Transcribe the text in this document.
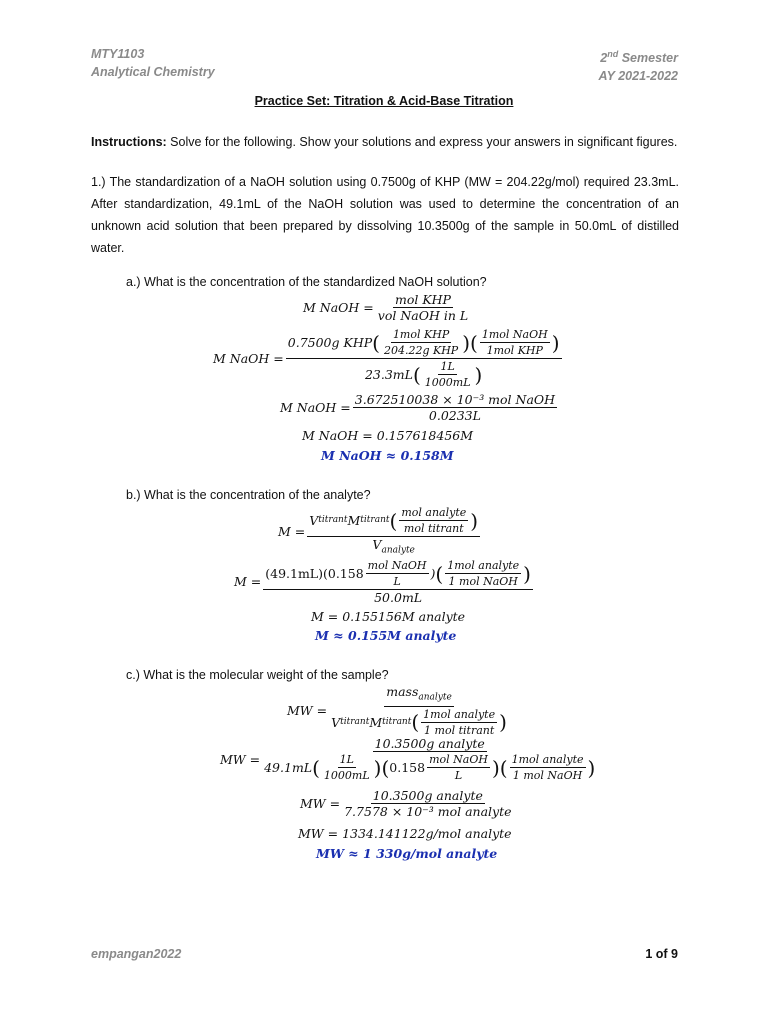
MTY1103
Analytical Chemistry
2nd Semester
AY 2021-2022
Practice Set: Titration & Acid-Base Titration
Instructions: Solve for the following. Show your solutions and express your answers in significant figures.
1.) The standardization of a NaOH solution using 0.7500g of KHP (MW = 204.22g/mol) required 23.3mL. After standardization, 49.1mL of the NaOH solution was used to determine the concentration of an unknown acid solution that been prepared by dissolving 10.3500g of the sample in 50.0mL of distilled water.
a.) What is the concentration of the standardized NaOH solution?
M NaOH = $\frac{\text{mol KHP}}{\text{vol NaOH in L}}$
M NaOH =
0.7500g KHP ( $\frac{\text{1mol KHP}}{\text{204.22g KHP}}$ ) ( $\frac{\text{1mol NaOH}}{\text{1mol KHP}}$ )
23.3mL ( $\frac{1L}{1000mL}$ )
M NaOH = $\frac{\text{3.672510038 × 10⁻³ mol NaOH}}{0.0233L}$
M NaOH = 0.157618456M
M NaOH ≈ 0.158M
b.) What is the concentration of the analyte?
$M = \frac{V titrant M titrant ( \frac{\text{mol analyte}}{\text{mol titrant}} )}{V_{analyte}}$
M =
$(49.1mL)(0.158 \frac{\text{mol NaOH}}{L}$ ) ( $\frac{\text{1mol analyte}}{\text{1 mol NaOH}}$ )
50.0mL
M = 0.155156M analyte
M ≈ 0.155M analyte
c.) What is the molecular weight of the sample?
MW = $\frac{mass_{analyte}}{V titrant M titrant ( \frac{\text{1mol analyte}}{\text{1 mol titrant}} )}$
MW =
10.3500g analyte
49.1mL ( $\frac{1L}{1000mL}$ ) ( $0.158 \frac{\text{mol NaOH}}{L}$ ) ( $\frac{\text{1mol analyte}}{\text{1 mol NaOH}}$ )
MW = $\frac{\text{10.3500g analyte}}{\text{7.7578 × 10⁻³ mol analyte}}$
MW = 1334.141122g/mol analyte
MW ≈ 1 330g/mol analyte
empangan2022	1 of 9
